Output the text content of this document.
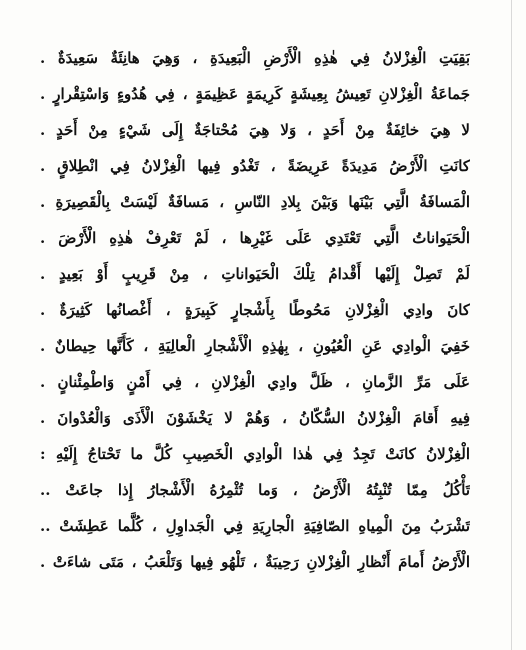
بَقِيَتِ الْغِزْلانُ فِي هٰذِهِ الْأَرْضِ الْبَعِيدَةِ ، وَهِيَ هانِئَةٌ سَعِيدَةٌ .
جَماعَةُ الْغِزْلانِ تَعِيشُ بِعِيشَةٍ كَرِيمَةٍ عَظِيمَةٍ ، فِي هُدُوءٍ وَاسْتِقْرارٍ .
لا هِيَ خائِفَةٌ مِنْ أَحَدٍ ، وَلا هِيَ مُحْتاجَةٌ إِلَى شَيْءٍ مِنْ أَحَدٍ .
كانَتِ الْأَرْضُ مَدِيدَةً عَرِيضَةً ، تَغْدُو فِيها الْغِزْلانُ فِي انْطِلاقٍ .
الْمَسافَةُ الَّتِي بَيْنَها وَبَيْنَ بِلادِ النّاسِ ، مَسافَةٌ لَيْسَتْ بِالْقَصِيرَةِ .
الْحَيَواناتُ الَّتِي تَعْتَدِي عَلَى غَيْرِها ، لَمْ تَعْرِفْ هٰذِهِ الْأَرْضَ .
لَمْ تَصِلْ إِلَيْها أَقْدامُ تِلْكَ الْحَيَواناتِ ، مِنْ قَرِيبٍ أَوْ بَعِيدٍ .
كانَ وادِي الْغِزْلانِ مَحُوطًا بِأَشْجارٍ كَبِيرَةٍ ، أَغْصانُها كَثِيرَةٌ .
خَفِيَ الْوادِي عَنِ الْعُيُونِ ، بِهٰذِهِ الْأَشْجارِ الْعالِيَةِ ، كَأَنَّها حِيطانٌ .
عَلَى مَرِّ الزَّمانِ ، ظَلَّ وادِي الْغِزْلانِ ، فِي أَمْنٍ وَاطْمِئْنانٍ .
فِيهِ أَقامَ الْغِزْلانُ السُّكّانُ ، وَهُمْ لا يَخْشَوْنَ الْأَذَى وَالْعُدْوانَ .
الْغِزْلانُ كانَتْ تَجِدُ فِي هٰذا الْوادِي الْخَصِيبِ كُلَّ ما تَحْتاجُ إِلَيْهِ :
تَأْكُلُ مِمّا تُنْبِتُهُ الْأَرْضُ ، وَما تُثْمِرُهُ الْأَشْجارُ إِذا جاعَتْ ..
تَشْرَبُ مِنَ الْمِياهِ الصّافِيَةِ الْجارِيَةِ فِي الْجَداوِلِ ، كُلَّما عَطِشَتْ ..
الْأَرْضُ أَمامَ أَنْظارِ الْغِزْلانِ رَحِيبَةٌ ، تَلْهُو فِيها وَتَلْعَبُ ، مَتَى شاءَتْ .
